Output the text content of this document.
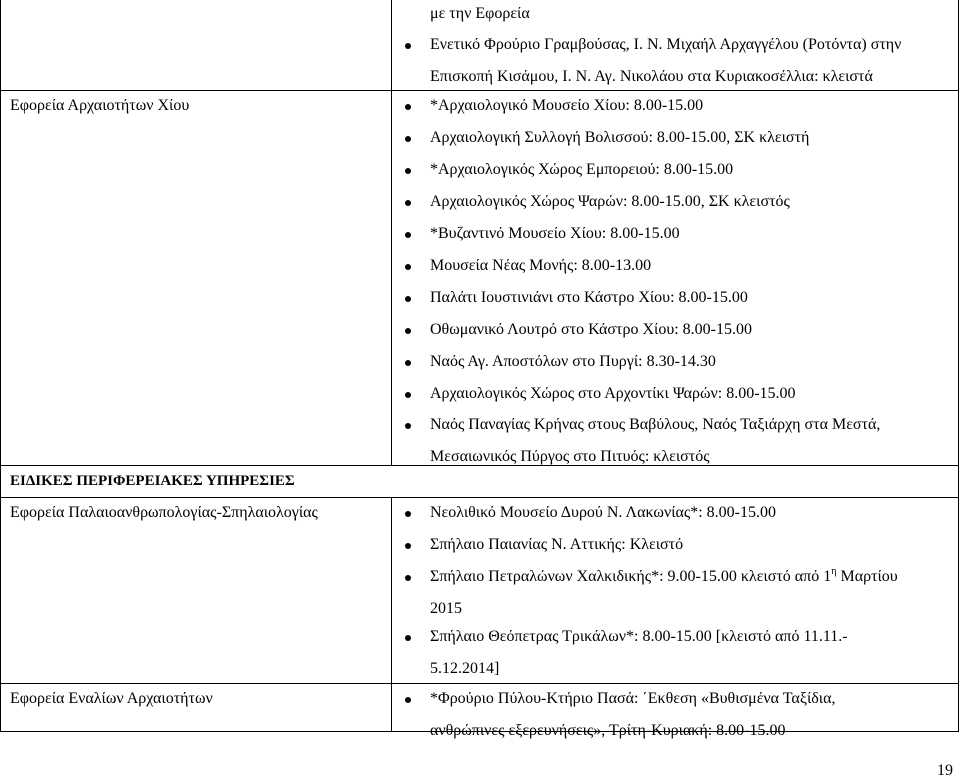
με την Εφορεία
Ενετικό Φρούριο Γραμβούσας, Ι. Ν. Μιχαήλ Αρχαγγέλου (Ροτόντα) στην
Επισκοπή Κισάμου, Ι. Ν. Αγ. Νικολάου στα Κυριακοσέλλια: κλειστά
Εφορεία Αρχαιοτήτων Χίου	*Αρχαιολογικό Μουσείο Χίου: 8.00-15.00
Αρχαιολογική Συλλογή Βολισσού: 8.00-15.00, ΣΚ κλειστή
*Αρχαιολογικός Χώρος Εμπορειού: 8.00-15.00
Αρχαιολογικός Χώρος Ψαρών: 8.00-15.00, ΣΚ κλειστός
*Βυζαντινό Μουσείο Χίου: 8.00-15.00
Μουσεία Νέας Μονής: 8.00-13.00
Παλάτι Ιουστινιάνι στο Κάστρο Χίου: 8.00-15.00
Οθωμανικό Λουτρό στο Κάστρο Χίου: 8.00-15.00
Ναός Αγ. Αποστόλων στο Πυργί: 8.30-14.30
Αρχαιολογικός Χώρος στο Αρχοντίκι Ψαρών: 8.00-15.00
Ναός Παναγίας Κρήνας στους Βαβύλους, Ναός Ταξιάρχη στα Μεστά,
Μεσαιωνικός Πύργος στο Πιτυός: κλειστός
ΕΙΔΙΚΕΣ ΠΕΡΙΦΕΡΕΙΑΚΕΣ ΥΠΗΡΕΣΙΕΣ
Εφορεία Παλαιοανθρωπολογίας-Σπηλαιολογίας	Νεολιθικό Μουσείο Δυρού Ν. Λακωνίας*: 8.00-15.00
Σπήλαιο Παιανίας Ν. Αττικής: Κλειστό
Σπήλαιο Πετραλώνων Χαλκιδικής*: 9.00-15.00 κλειστό από $1^\eta$ Μαρτίου
2015
Σπήλαιο Θεόπετρας Τρικάλων*: 8.00-15.00 [κλειστό από 11.11.-
5.12.2014]
Εφορεία Εναλίων Αρχαιοτήτων	*Φρούριο Πύλου-Κτήριο Πασά: ΄Εκθεση «Βυθισμένα Ταξίδια,
ανθρώπινες εξερευνήσεις», Τρίτη-Κυριακή: 8.00-15.00
19
